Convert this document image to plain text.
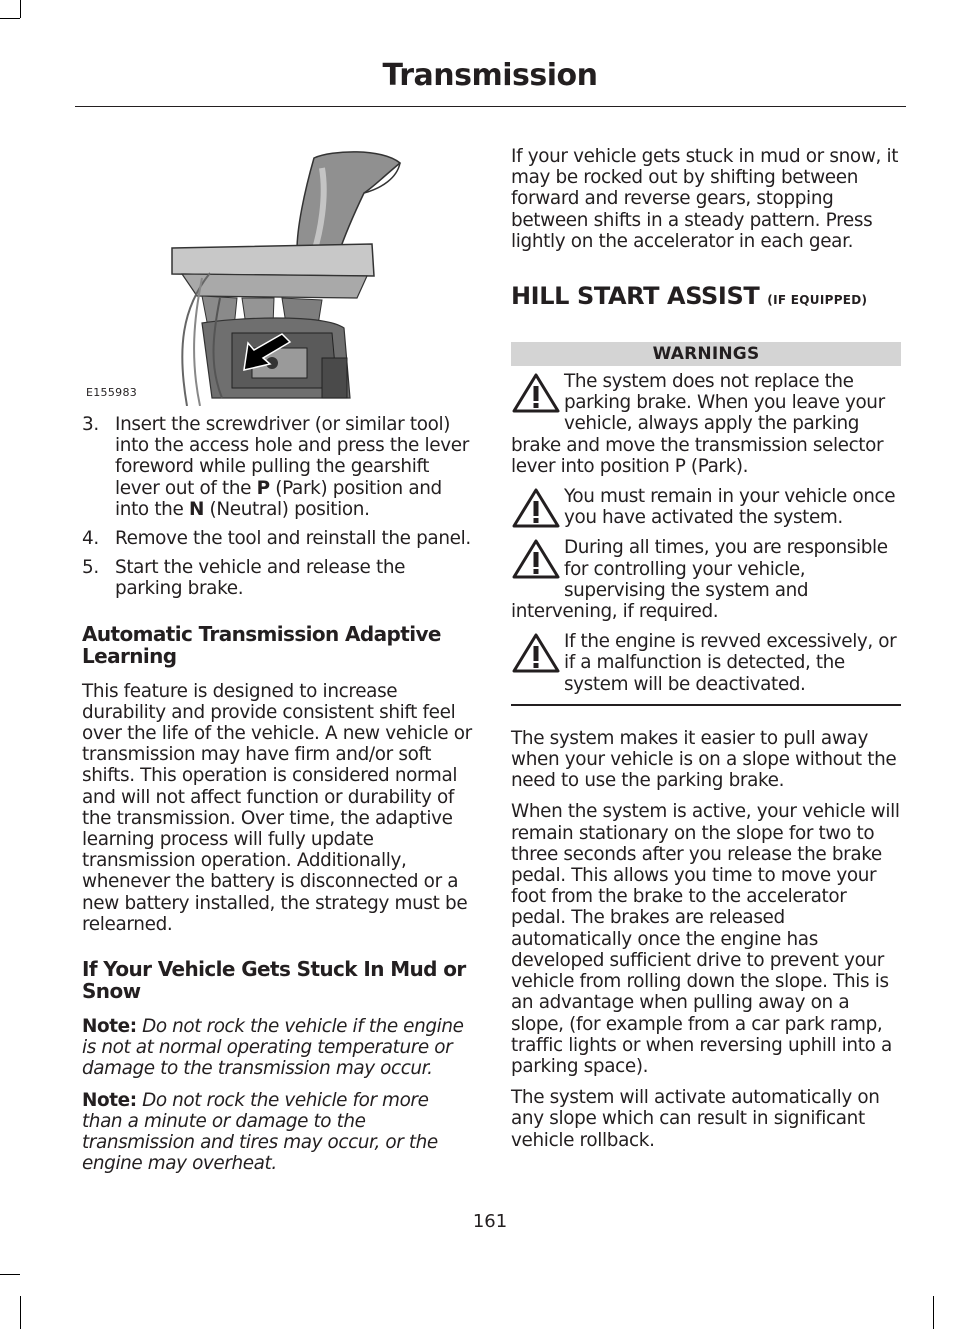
Transmission
E155983
3. Insert the screwdriver (or similar tool) into the access hole and press the lever foreword while pulling the gearshift lever out of the P (Park) position and into the N (Neutral) position.
4. Remove the tool and reinstall the panel.
5. Start the vehicle and release the parking brake.
Automatic Transmission Adaptive Learning
This feature is designed to increase durability and provide consistent shift feel over the life of the vehicle. A new vehicle or transmission may have firm and/or soft shifts. This operation is considered normal and will not affect function or durability of the transmission. Over time, the adaptive learning process will fully update transmission operation. Additionally, whenever the battery is disconnected or a new battery installed, the strategy must be relearned.
If Your Vehicle Gets Stuck In Mud or Snow
Note: Do not rock the vehicle if the engine is not at normal operating temperature or damage to the transmission may occur.
Note: Do not rock the vehicle for more than a minute or damage to the transmission and tires may occur, or the engine may overheat.
If your vehicle gets stuck in mud or snow, it may be rocked out by shifting between forward and reverse gears, stopping between shifts in a steady pattern. Press lightly on the accelerator in each gear.
HILL START ASSIST (IF EQUIPPED)
WARNINGS
The system does not replace the parking brake. When you leave your vehicle, always apply the parking brake and move the transmission selector lever into position P (Park).
You must remain in your vehicle once you have activated the system.
During all times, you are responsible for controlling your vehicle, supervising the system and intervening, if required.
If the engine is revved excessively, or if a malfunction is detected, the system will be deactivated.
The system makes it easier to pull away when your vehicle is on a slope without the need to use the parking brake.
When the system is active, your vehicle will remain stationary on the slope for two to three seconds after you release the brake pedal. This allows you time to move your foot from the brake to the accelerator pedal. The brakes are released automatically once the engine has developed sufficient drive to prevent your vehicle from rolling down the slope. This is an advantage when pulling away on a slope, (for example from a car park ramp, traffic lights or when reversing uphill into a parking space).
The system will activate automatically on any slope which can result in significant vehicle rollback.
161
